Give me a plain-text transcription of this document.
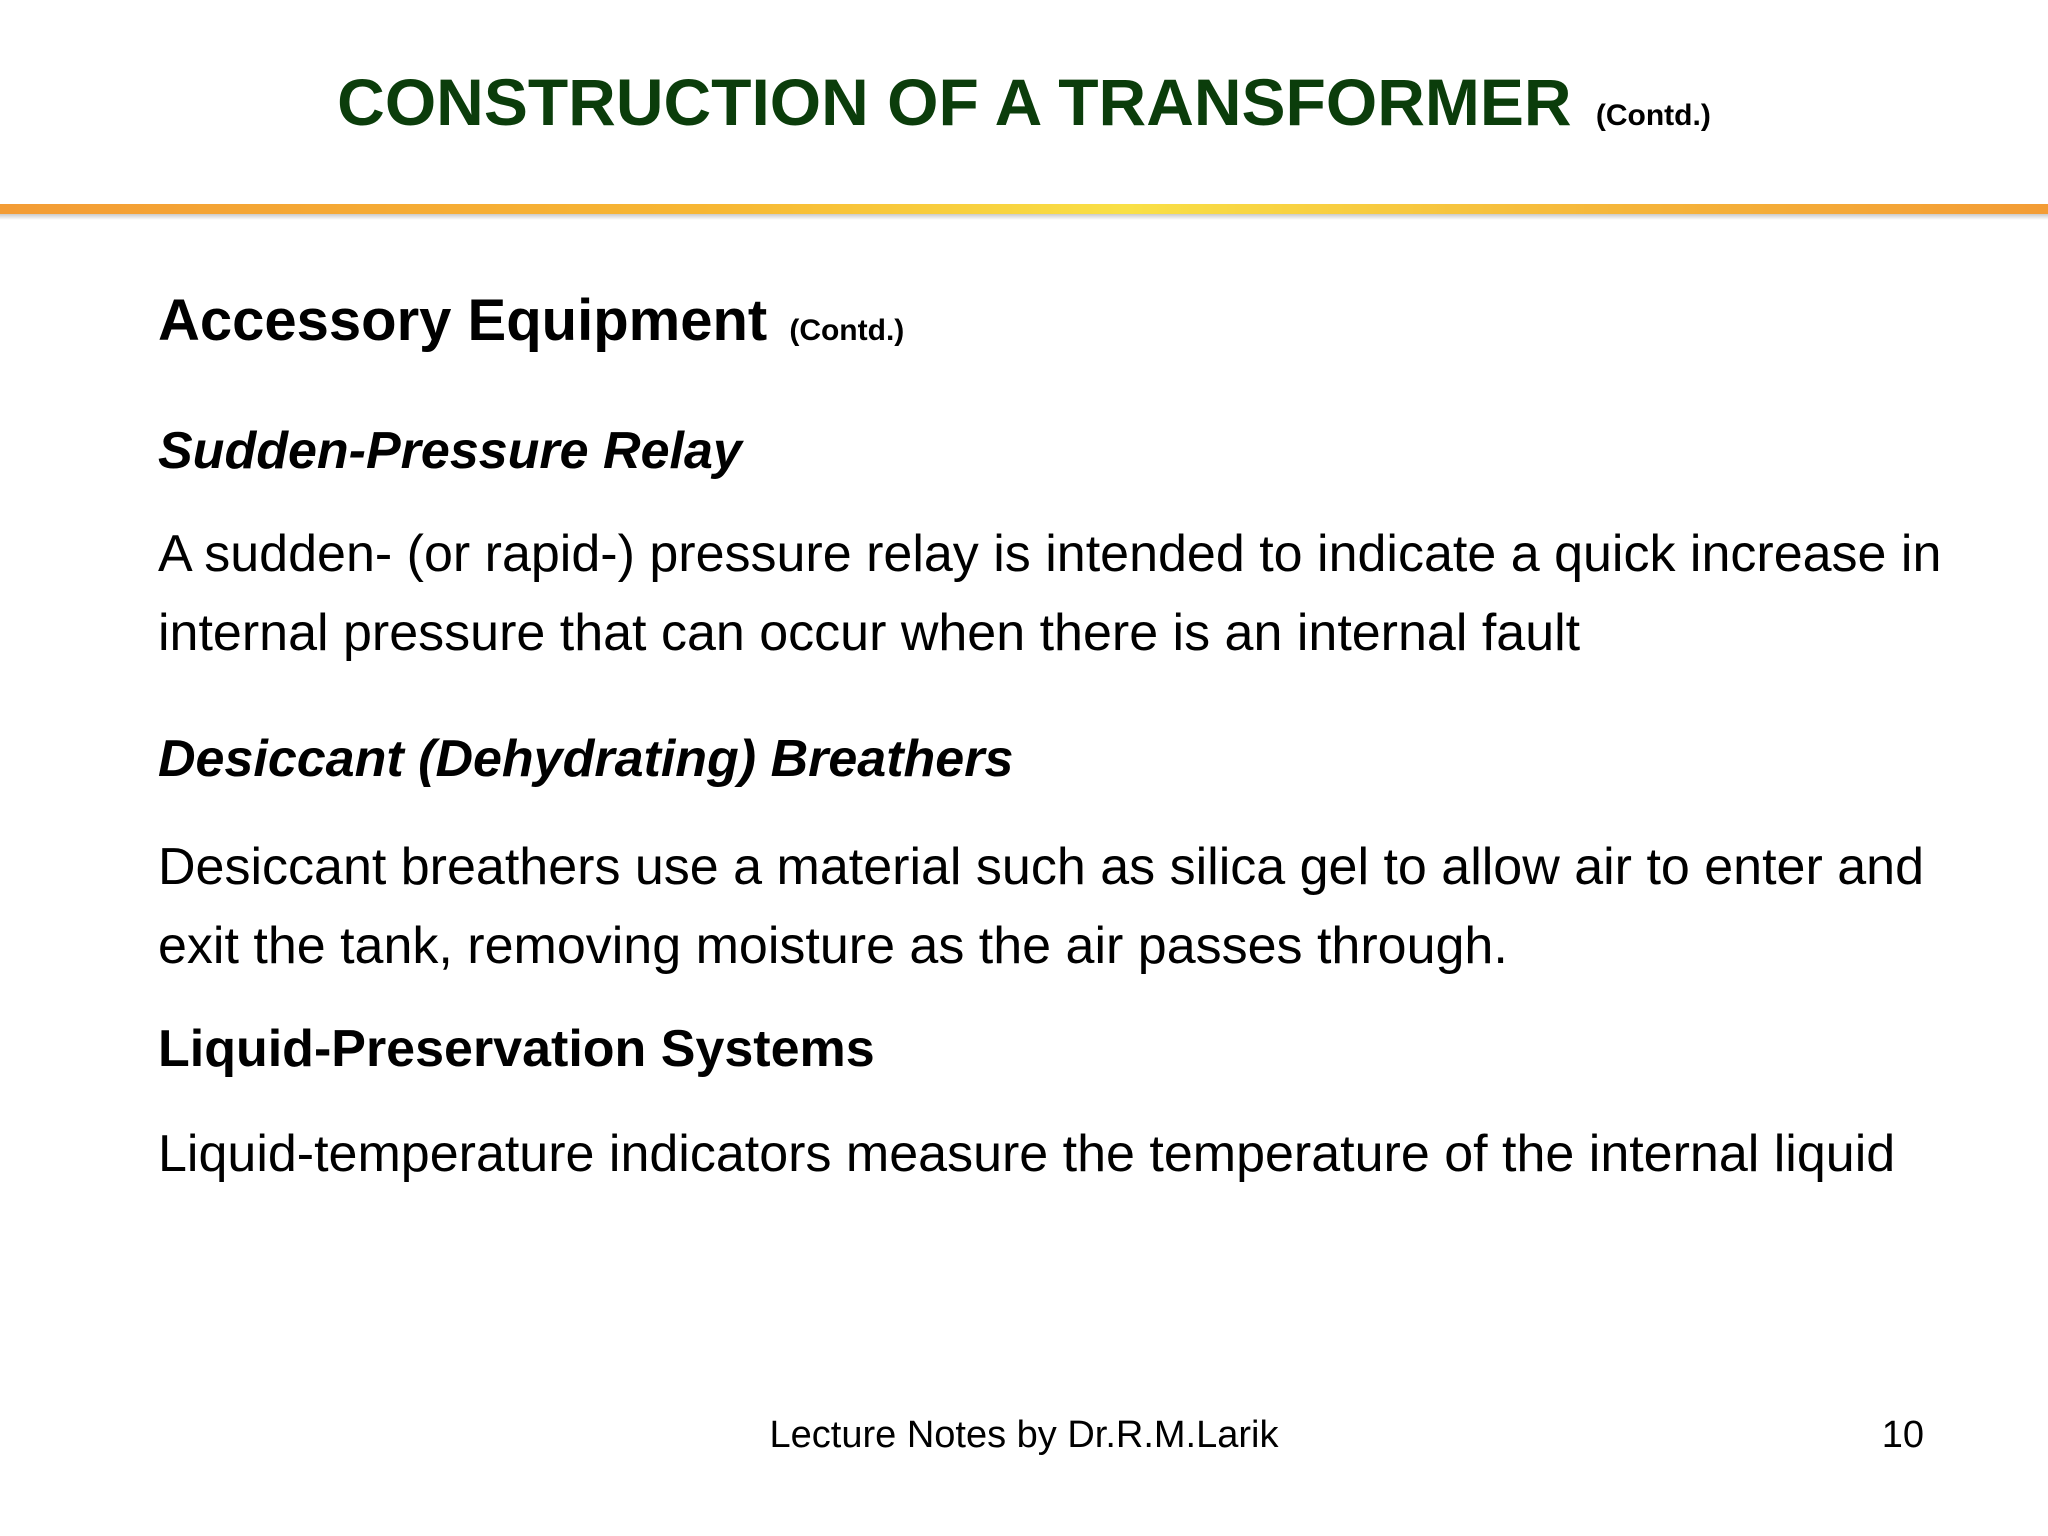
CONSTRUCTION OF A TRANSFORMER (Contd.)
Accessory Equipment (Contd.)
Sudden-Pressure Relay
A sudden- (or rapid-) pressure relay is intended to indicate a quick increase in internal pressure that can occur when there is an internal fault
Desiccant (Dehydrating) Breathers
Desiccant breathers use a material such as silica gel to allow air to enter and exit the tank, removing moisture as the air passes through.
Liquid-Preservation Systems
Liquid-temperature indicators measure the temperature of the internal liquid
Lecture Notes by Dr.R.M.Larik	10
